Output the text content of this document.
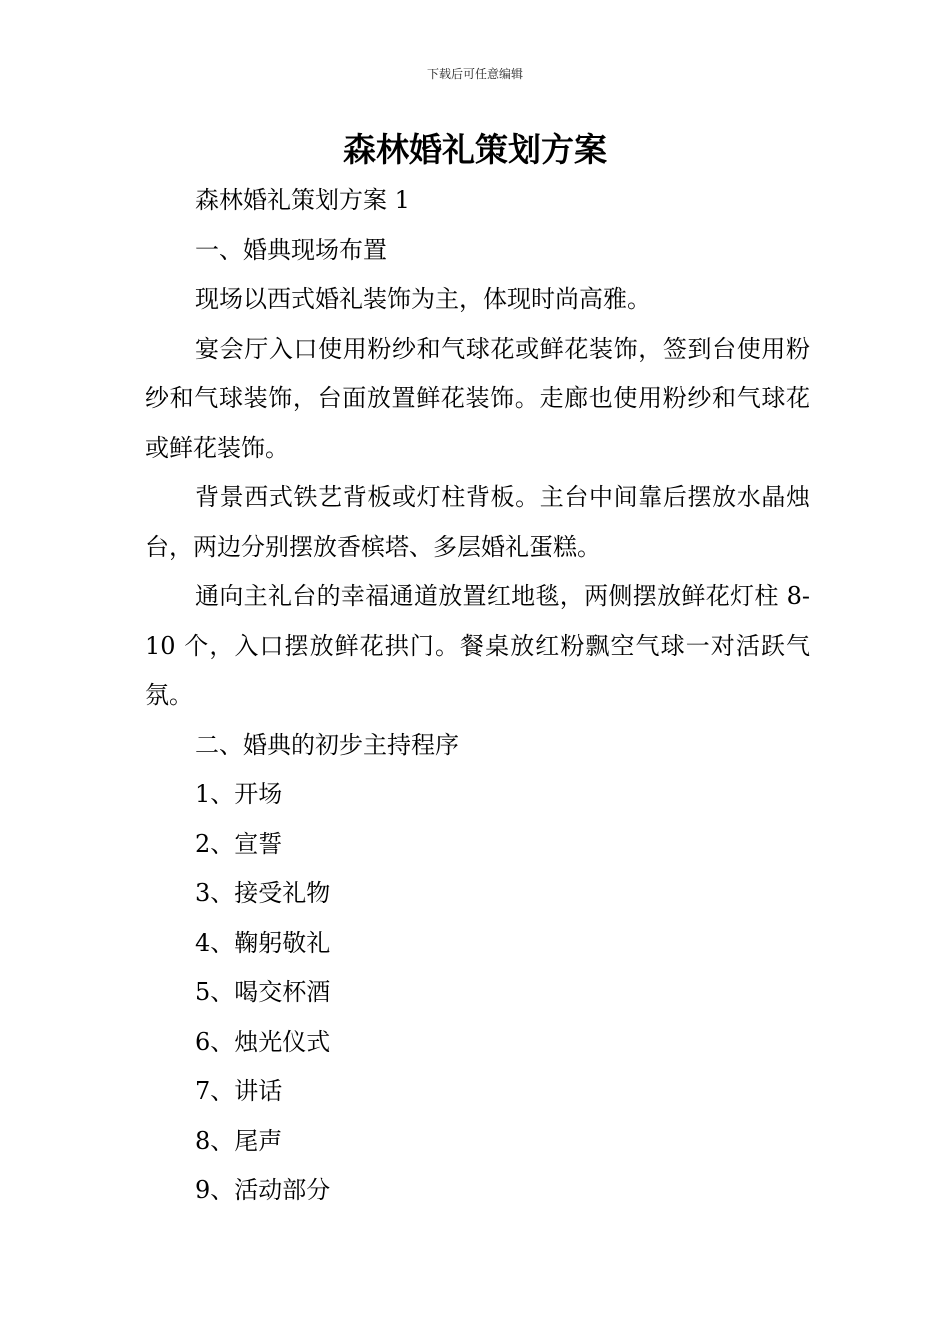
下载后可任意编辑
森林婚礼策划方案

森林婚礼策划方案 1

一、婚典现场布置

现场以西式婚礼装饰为主，体现时尚高雅。

宴会厅入口使用粉纱和气球花或鲜花装饰，签到台使用粉纱和气球装饰，台面放置鲜花装饰。走廊也使用粉纱和气球花或鲜花装饰。

背景西式铁艺背板或灯柱背板。主台中间靠后摆放水晶烛台，两边分别摆放香槟塔、多层婚礼蛋糕。

通向主礼台的幸福通道放置红地毯，两侧摆放鲜花灯柱 8-10 个，入口摆放鲜花拱门。餐桌放红粉飘空气球一对活跃气氛。

二、婚典的初步主持程序

1、开场
2、宣誓
3、接受礼物
4、鞠躬敬礼
5、喝交杯酒
6、烛光仪式
7、讲话
8、尾声
9、活动部分
